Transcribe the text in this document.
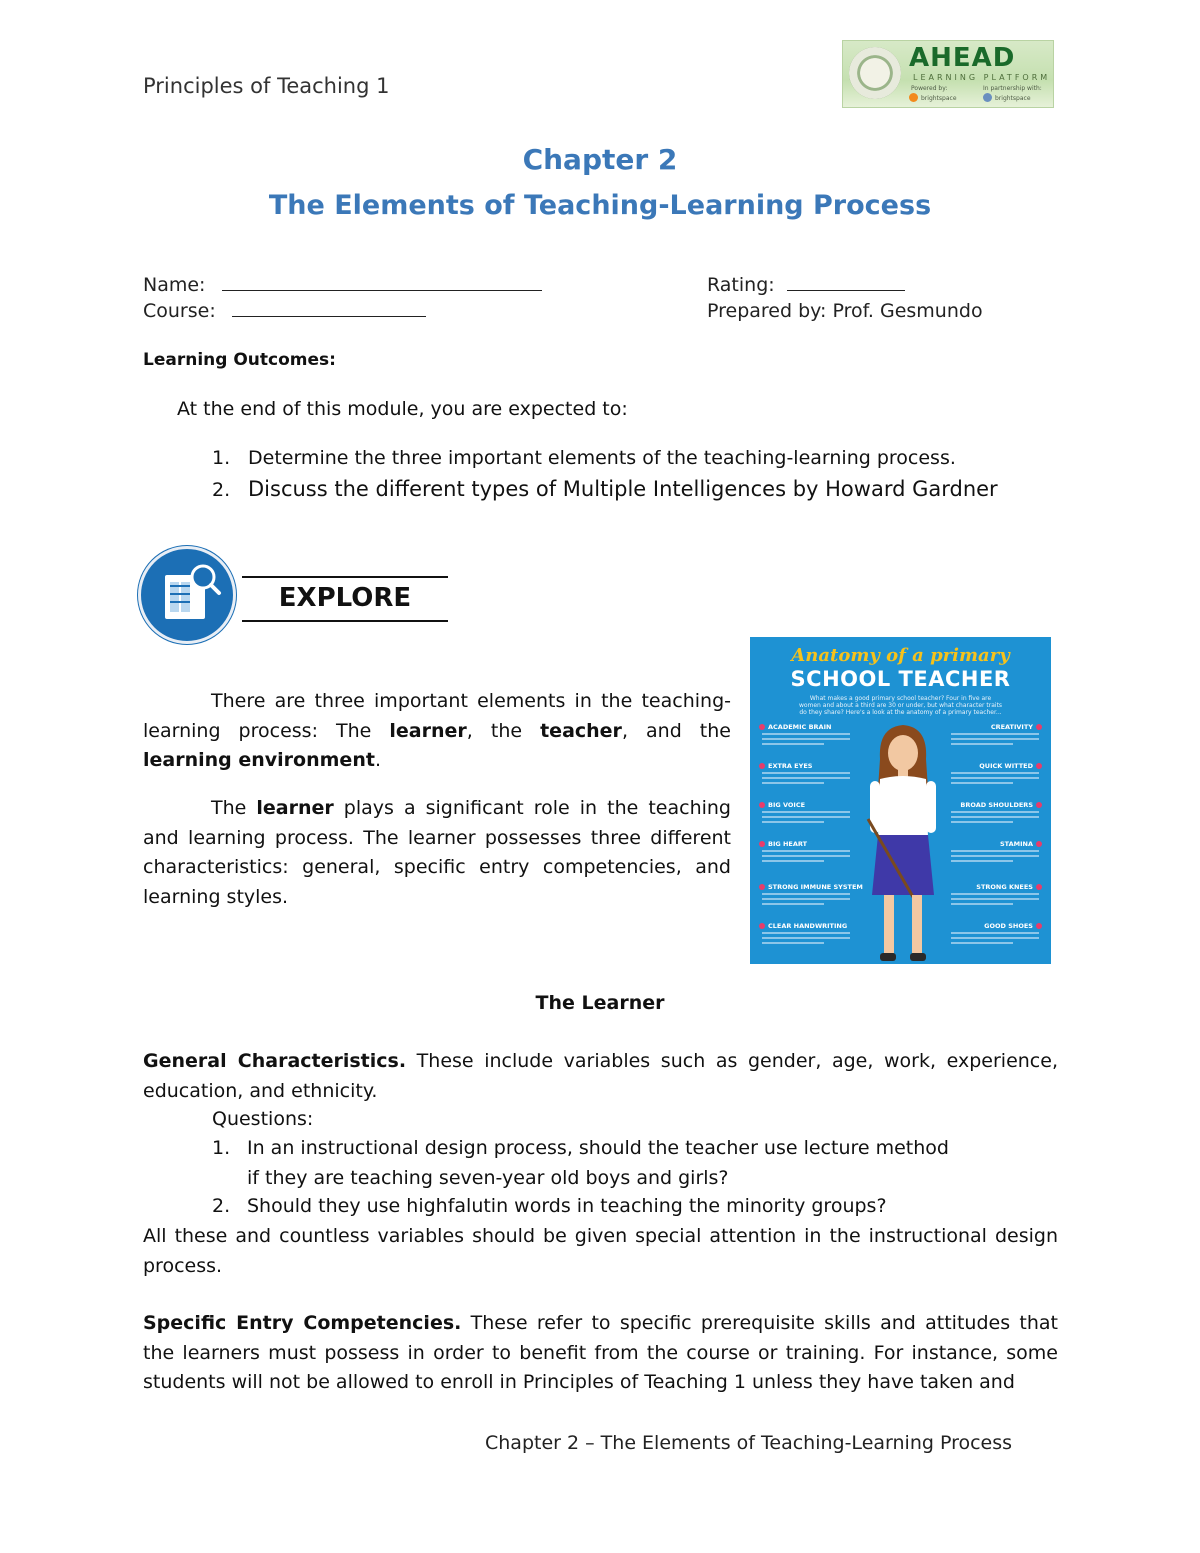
Principles of Teaching 1
AHEAD
LEARNING PLATFORM
Powered by:	In partnership with:
brightspace	brightspace
Chapter 2
The Elements of Teaching-Learning Process
Name:	Rating:
Course:	Prepared by: Prof. Gesmundo
Learning Outcomes:
At the end of this module, you are expected to:
1. Determine the three important elements of the teaching-learning process.
2. Discuss the different types of Multiple Intelligences by Howard Gardner
EXPLORE
There are three important elements in the teaching-learning process: The learner, the teacher, and the learning environment.
The learner plays a significant role in the teaching and learning process. The learner possesses three different characteristics: general, specific entry competencies, and learning styles.
Anatomy of a primary
SCHOOL TEACHER
What makes a good primary school teacher? Four in five are women and about a third are 30 or under, but what character traits do they share? Here's a look at the anatomy of a primary teacher...
ACADEMIC BRAIN
EXTRA EYES
BIG VOICE
BIG HEART
STRONG IMMUNE SYSTEM
CLEAR HANDWRITING
CREATIVITY
QUICK WITTED
BROAD SHOULDERS
STAMINA
STRONG KNEES
GOOD SHOES
The Learner
General Characteristics. These include variables such as gender, age, work, experience, education, and ethnicity.
Questions:
1. In an instructional design process, should the teacher use lecture method
if they are teaching seven-year old boys and girls?
2. Should they use highfalutin words in teaching the minority groups?
All these and countless variables should be given special attention in the instructional design process.
Specific Entry Competencies. These refer to specific prerequisite skills and attitudes that the learners must possess in order to benefit from the course or training. For instance, some students will not be allowed to enroll in Principles of Teaching 1 unless they have taken and
Chapter 2 – The Elements of Teaching-Learning Process
